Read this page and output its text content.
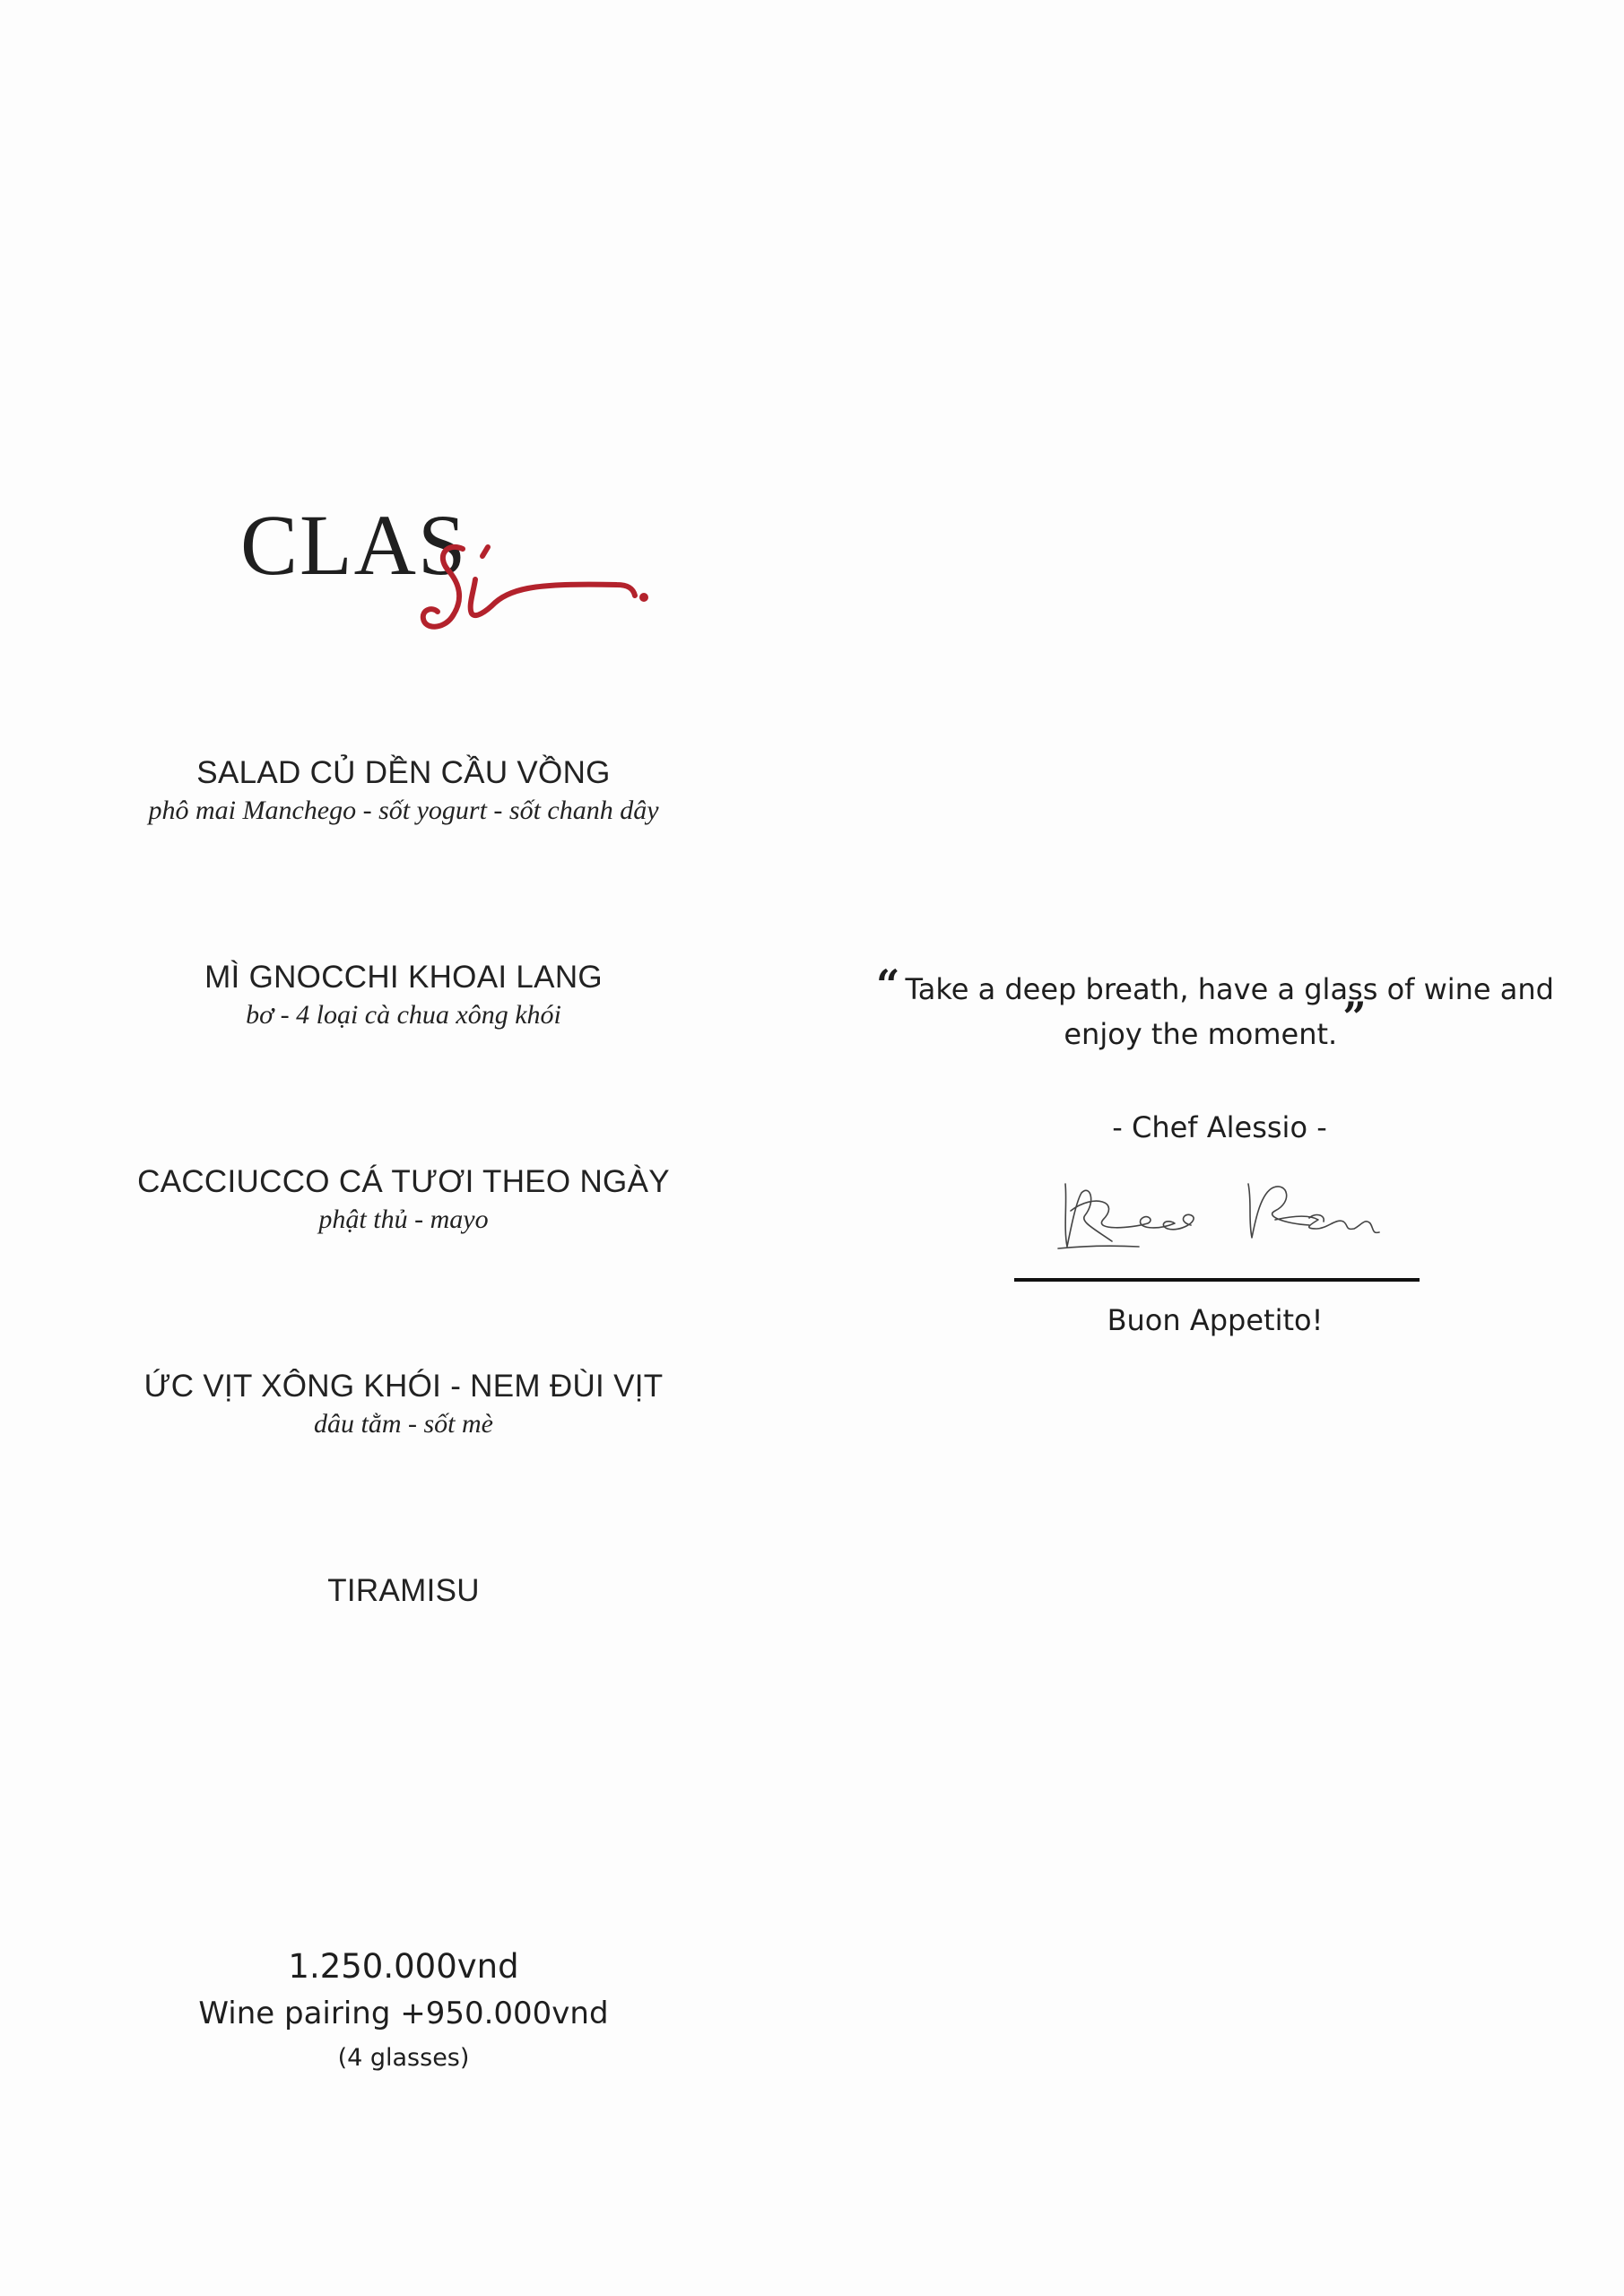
CLAS
SALAD CỦ DỀN CẦU VỒNG
phô mai Manchego - sốt yogurt - sốt chanh dây
MÌ GNOCCHI KHOAI LANG
bơ - 4 loại cà chua xông khói
CACCIUCCO CÁ TƯƠI THEO NGÀY
phật thủ - mayo
ỨC VỊT XÔNG KHÓI - NEM ĐÙI VỊT
dâu tằm - sốt mè
TIRAMISU
1.250.000vnd
Wine pairing +950.000vnd
(4 glasses)
“ Take a deep breath, have a glass of wine and
enjoy the moment. ”
- Chef Alessio -
Buon Appetito!
